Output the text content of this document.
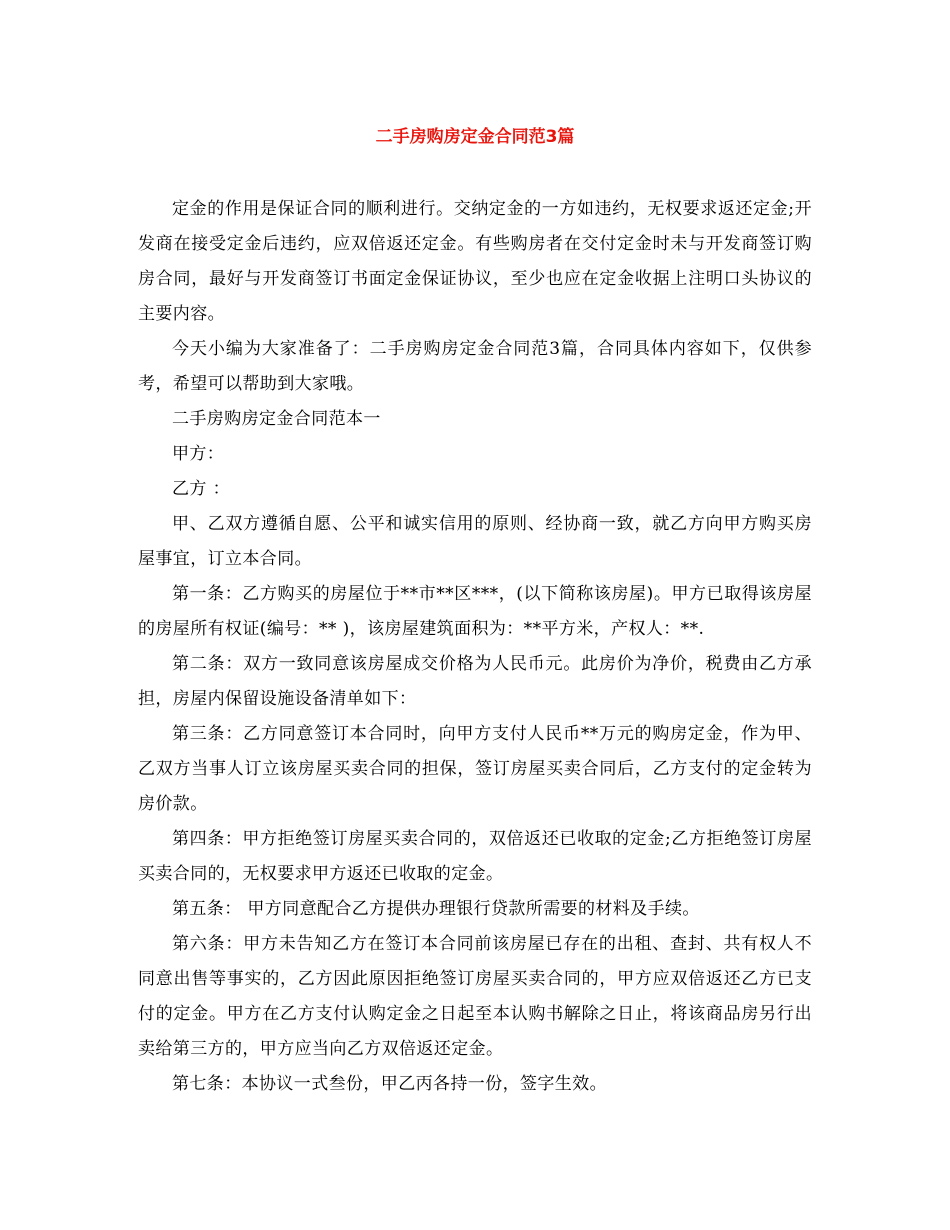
二手房购房定金合同范3篇

定金的作用是保证合同的顺利进行。交纳定金的一方如违约，无权要求返还定金;开发商在接受定金后违约，应双倍返还定金。有些购房者在交付定金时未与开发商签订购房合同，最好与开发商签订书面定金保证协议，至少也应在定金收据上注明口头协议的主要内容。

今天小编为大家准备了：二手房购房定金合同范3篇，合同具体内容如下，仅供参考，希望可以帮助到大家哦。

二手房购房定金合同范本一

甲方：

乙方 ：

甲、乙双方遵循自愿、公平和诚实信用的原则、经协商一致，就乙方向甲方购买房屋事宜，订立本合同。

第一条：乙方购买的房屋位于**市**区***，(以下简称该房屋)。甲方已取得该房屋的房屋所有权证(编号：** )，该房屋建筑面积为：**平方米，产权人：**.

第二条：双方一致同意该房屋成交价格为人民币元。此房价为净价，税费由乙方承担，房屋内保留设施设备清单如下：

第三条：乙方同意签订本合同时，向甲方支付人民币**万元的购房定金，作为甲、乙双方当事人订立该房屋买卖合同的担保，签订房屋买卖合同后，乙方支付的定金转为房价款。

第四条：甲方拒绝签订房屋买卖合同的，双倍返还已收取的定金;乙方拒绝签订房屋买卖合同的，无权要求甲方返还已收取的定金。

第五条： 甲方同意配合乙方提供办理银行贷款所需要的材料及手续。

第六条：甲方未告知乙方在签订本合同前该房屋已存在的出租、查封、共有权人不同意出售等事实的，乙方因此原因拒绝签订房屋买卖合同的，甲方应双倍返还乙方已支付的定金。甲方在乙方支付认购定金之日起至本认购书解除之日止，将该商品房另行出卖给第三方的，甲方应当向乙方双倍返还定金。

第七条：本协议一式叁份，甲乙丙各持一份，签字生效。
